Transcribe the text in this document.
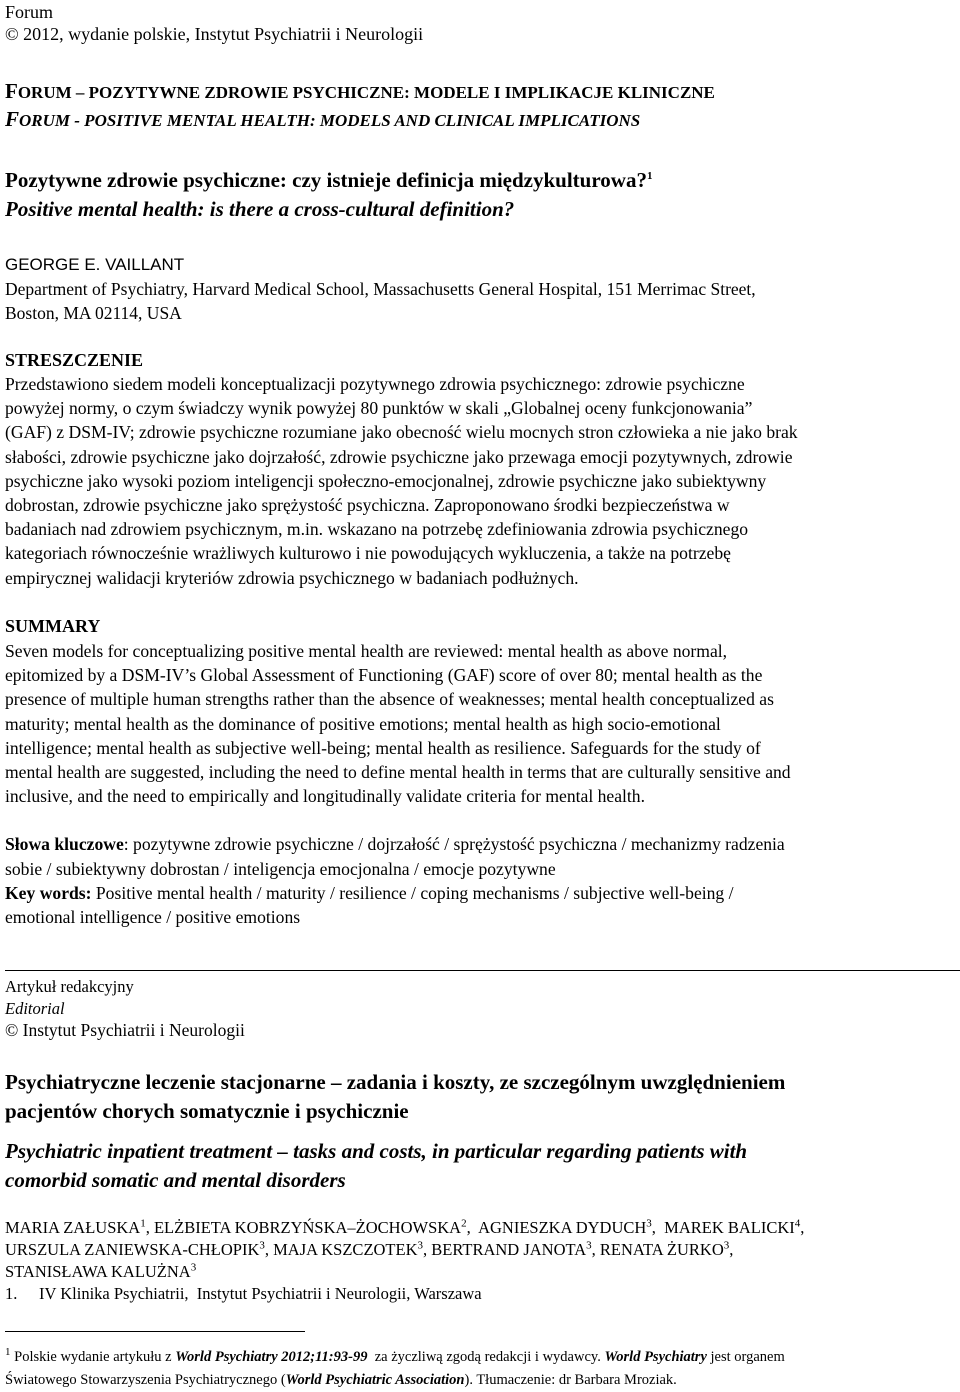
Forum
© 2012, wydanie polskie, Instytut Psychiatrii i Neurologii
FORUM – POZYTYWNE ZDROWIE PSYCHICZNE: MODELE I IMPLIKACJE KLINICZNE
FORUM - POSITIVE MENTAL HEALTH: MODELS AND CLINICAL IMPLICATIONS
Pozytywne zdrowie psychiczne: czy istnieje definicja międzykulturowa?$^1$
Positive mental health: is there a cross-cultural definition?
GEORGE E. VAILLANT
Department of Psychiatry, Harvard Medical School, Massachusetts General Hospital, 151 Merrimac Street,
Boston, MA 02114, USA
STRESZCZENIE
Przedstawiono siedem modeli konceptualizacji pozytywnego zdrowia psychicznego: zdrowie psychiczne
powyżej normy, o czym świadczy wynik powyżej 80 punktów w skali „Globalnej oceny funkcjonowania”
(GAF) z DSM-IV; zdrowie psychiczne rozumiane jako obecność wielu mocnych stron człowieka a nie jako brak
słabości, zdrowie psychiczne jako dojrzałość, zdrowie psychiczne jako przewaga emocji pozytywnych, zdrowie
psychiczne jako wysoki poziom inteligencji społeczno-emocjonalnej, zdrowie psychiczne jako subiektywny
dobrostan, zdrowie psychiczne jako sprężystość psychiczna. Zaproponowano środki bezpieczeństwa w
badaniach nad zdrowiem psychicznym, m.in. wskazano na potrzebę zdefiniowania zdrowia psychicznego
kategoriach równocześnie wrażliwych kulturowo i nie powodujących wykluczenia, a także na potrzebę
empirycznej walidacji kryteriów zdrowia psychicznego w badaniach podłużnych.
SUMMARY
Seven models for conceptualizing positive mental health are reviewed: mental health as above normal,
epitomized by a DSM-IV’s Global Assessment of Functioning (GAF) score of over 80; mental health as the
presence of multiple human strengths rather than the absence of weaknesses; mental health conceptualized as
maturity; mental health as the dominance of positive emotions; mental health as high socio-emotional
intelligence; mental health as subjective well-being; mental health as resilience. Safeguards for the study of
mental health are suggested, including the need to define mental health in terms that are culturally sensitive and
inclusive, and the need to empirically and longitudinally validate criteria for mental health.
Słowa kluczowe: pozytywne zdrowie psychiczne / dojrzałość / sprężystość psychiczna / mechanizmy radzenia
sobie / subiektywny dobrostan / inteligencja emocjonalna / emocje pozytywne
Key words: Positive mental health / maturity / resilience / coping mechanisms / subjective well-being /
emotional intelligence / positive emotions
Artykuł redakcyjny
Editorial
© Instytut Psychiatrii i Neurologii
Psychiatryczne leczenie stacjonarne – zadania i koszty, ze szczególnym uwzględnieniem
pacjentów chorych somatycznie i psychicznie
Psychiatric inpatient treatment – tasks and costs, in particular regarding patients with
comorbid somatic and mental disorders
MARIA ZAŁUSKA$^1$, ELŻBIETA KOBRZYŃSKA–ŻOCHOWSKA$^2$,  AGNIESZKA DYDUCH$^3$,  MAREK BALICKI$^4$,
URSZULA ZANIEWSKA-CHŁOPIK$^3$, MAJA KSZCZOTEK$^3$, BERTRAND JANOTA$^3$, RENATA ŻURKO$^3$,
STANISŁAWA KALUŻNA$^3$
1. IV Klinika Psychiatrii,  Instytut Psychiatrii i Neurologii, Warszawa
$^1$ Polskie wydanie artykułu z World Psychiatry 2012;11:93-99  za życzliwą zgodą redakcji i wydawcy. World Psychiatry jest organem
Światowego Stowarzyszenia Psychiatrycznego (World Psychiatric Association). Tłumaczenie: dr Barbara Mroziak.
